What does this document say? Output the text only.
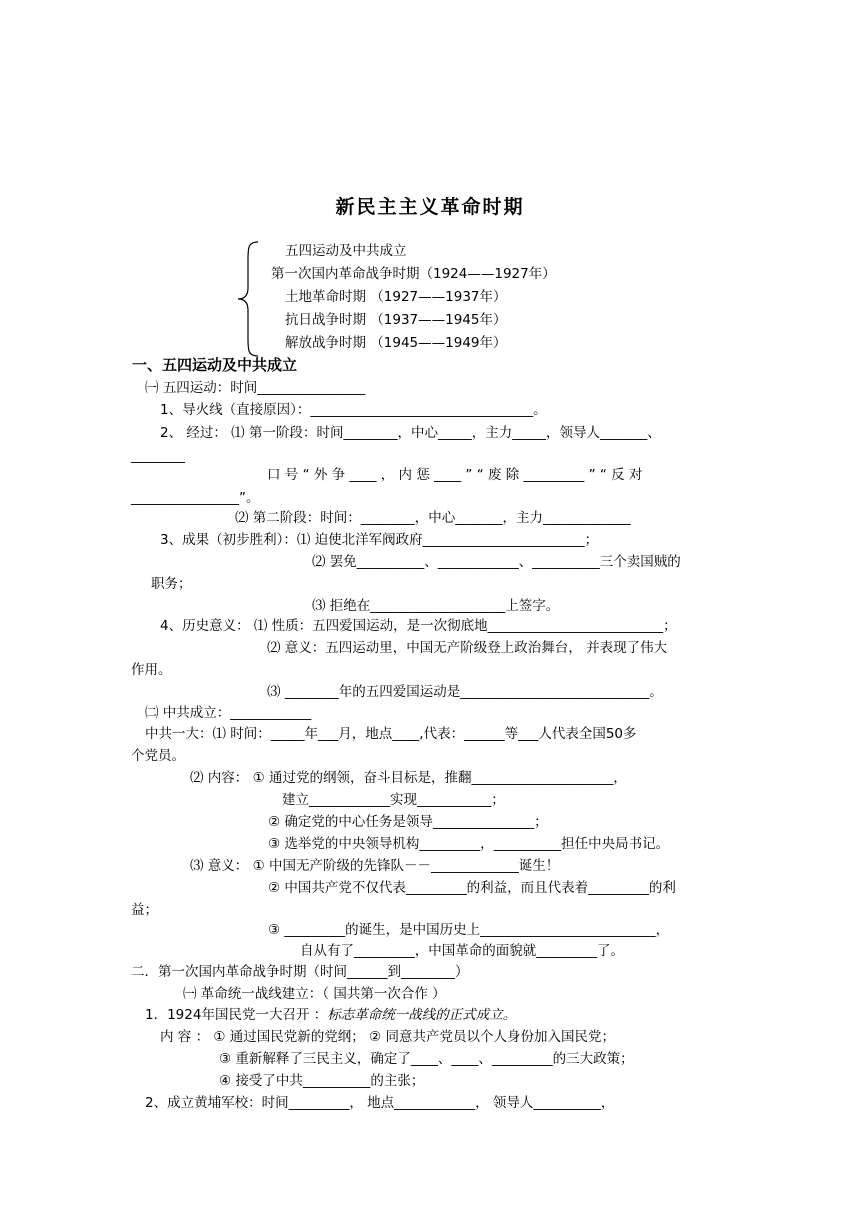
新民主主义革命时期
五四运动及中共成立
第一次国内革命战争时期（1924——1927年）
土地革命时期 （1927——1937年）
抗日战争时期 （1937——1945年）
解放战争时期 （1945——1949年）
一、五四运动及中共成立
㈠ 五四运动：时间________________
1、导火线（直接原因）：_________________________________。
2、 经过： ⑴ 第一阶段：时间________，中心_____，主力_____，领导人_______、
________
口 号 “ 外 争 ____ ， 内 惩 ____ ” “ 废 除 _________ ” “ 反 对
________________”。
⑵ 第二阶段：时间：________，中心_______，主力_____________
3、成果（初步胜利）：⑴ 迫使北洋军阀政府________________________；
⑵ 罢免__________、____________、__________三个卖国贼的
职务；
⑶ 拒绝在____________________上签字。
4、历史意义： ⑴ 性质：五四爱国运动，是一次彻底地__________________________；
⑵ 意义：五四运动里，中国无产阶级登上政治舞台， 并表现了伟大
作用。
⑶ ________年的五四爱国运动是____________________________。
㈡ 中共成立：____________
中共一大：⑴ 时间：_____年___月，地点____,代表：______等___人代表全国50多
个党员。
⑵ 内容： ① 通过党的纲领，奋斗目标是，推翻_____________________，
建立____________实现___________；
② 确定党的中心任务是领导_______________；
③ 选举党的中央领导机构_________，__________担任中央局书记。
⑶ 意义： ① 中国无产阶级的先锋队－－_____________诞生！
② 中国共产党不仅代表_________的利益，而且代表着_________的利
益；
③ _________的诞生，是中国历史上__________________________，
自从有了_________，中国革命的面貌就_________了。
二．第一次国内革命战争时期（时间______到________）
㈠ 革命统一战线建立：（ 国共第一次合作 ）
1．1924年国民党一大召开 ：标志革命统一战线的正式成立。
内 容 ： ① 通过国民党新的党纲； ② 同意共产党员以个人身份加入国民党；
③ 重新解释了三民主义，确定了____、____、_________的三大政策；
④ 接受了中共__________的主张；
2、成立黄埔军校：时间_________， 地点____________， 领导人__________，
